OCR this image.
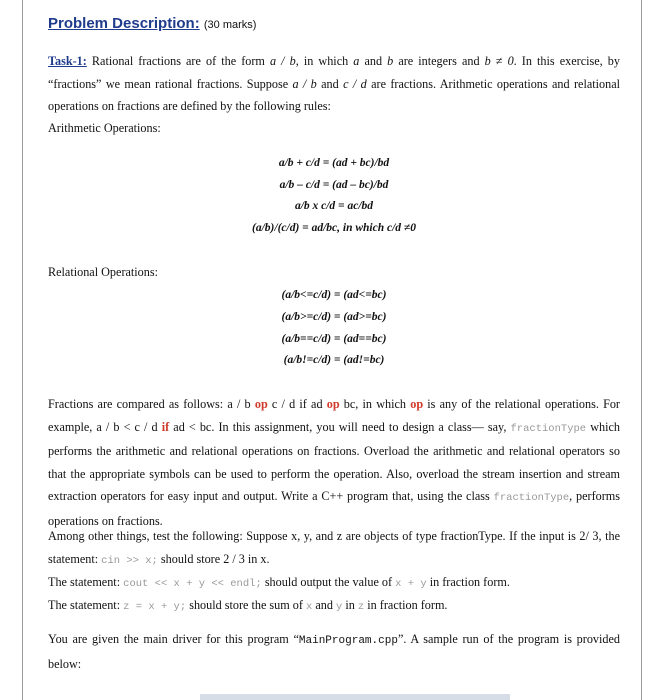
Problem Description: (30 marks)
Task-1: Rational fractions are of the form a / b, in which a and b are integers and b ≠ 0. In this exercise, by “fractions” we mean rational fractions. Suppose a / b and c / d are fractions. Arithmetic operations and relational operations on fractions are defined by the following rules:
Arithmetic Operations:
a/b + c/d = (ad + bc)/bd
a/b – c/d = (ad – bc)/bd
a/b x c/d = ac/bd
(a/b)/(c/d) = ad/bc, in which c/d ≠0
Relational Operations:
(a/b<=c/d) = (ad<=bc)
(a/b>=c/d) = (ad>=bc)
(a/b==c/d) = (ad==bc)
(a/b!=c/d) = (ad!=bc)
Fractions are compared as follows: a / b op c / d if ad op bc, in which op is any of the relational operations. For example, a / b < c / d if ad < bc. In this assignment, you will need to design a class— say, fractionType which performs the arithmetic and relational operations on fractions. Overload the arithmetic and relational operators so that the appropriate symbols can be used to perform the operation. Also, overload the stream insertion and stream extraction operators for easy input and output. Write a C++ program that, using the class fractionType, performs operations on fractions.
Among other things, test the following: Suppose x, y, and z are objects of type fractionType. If the input is 2/ 3, the statement: cin >> x; should store 2 / 3 in x.
The statement: cout << x + y << endl; should output the value of x + y in fraction form.
The statement: z = x + y; should store the sum of x and y in z in fraction form.
You are given the main driver for this program “MainProgram.cpp”. A sample run of the program is provided below:
